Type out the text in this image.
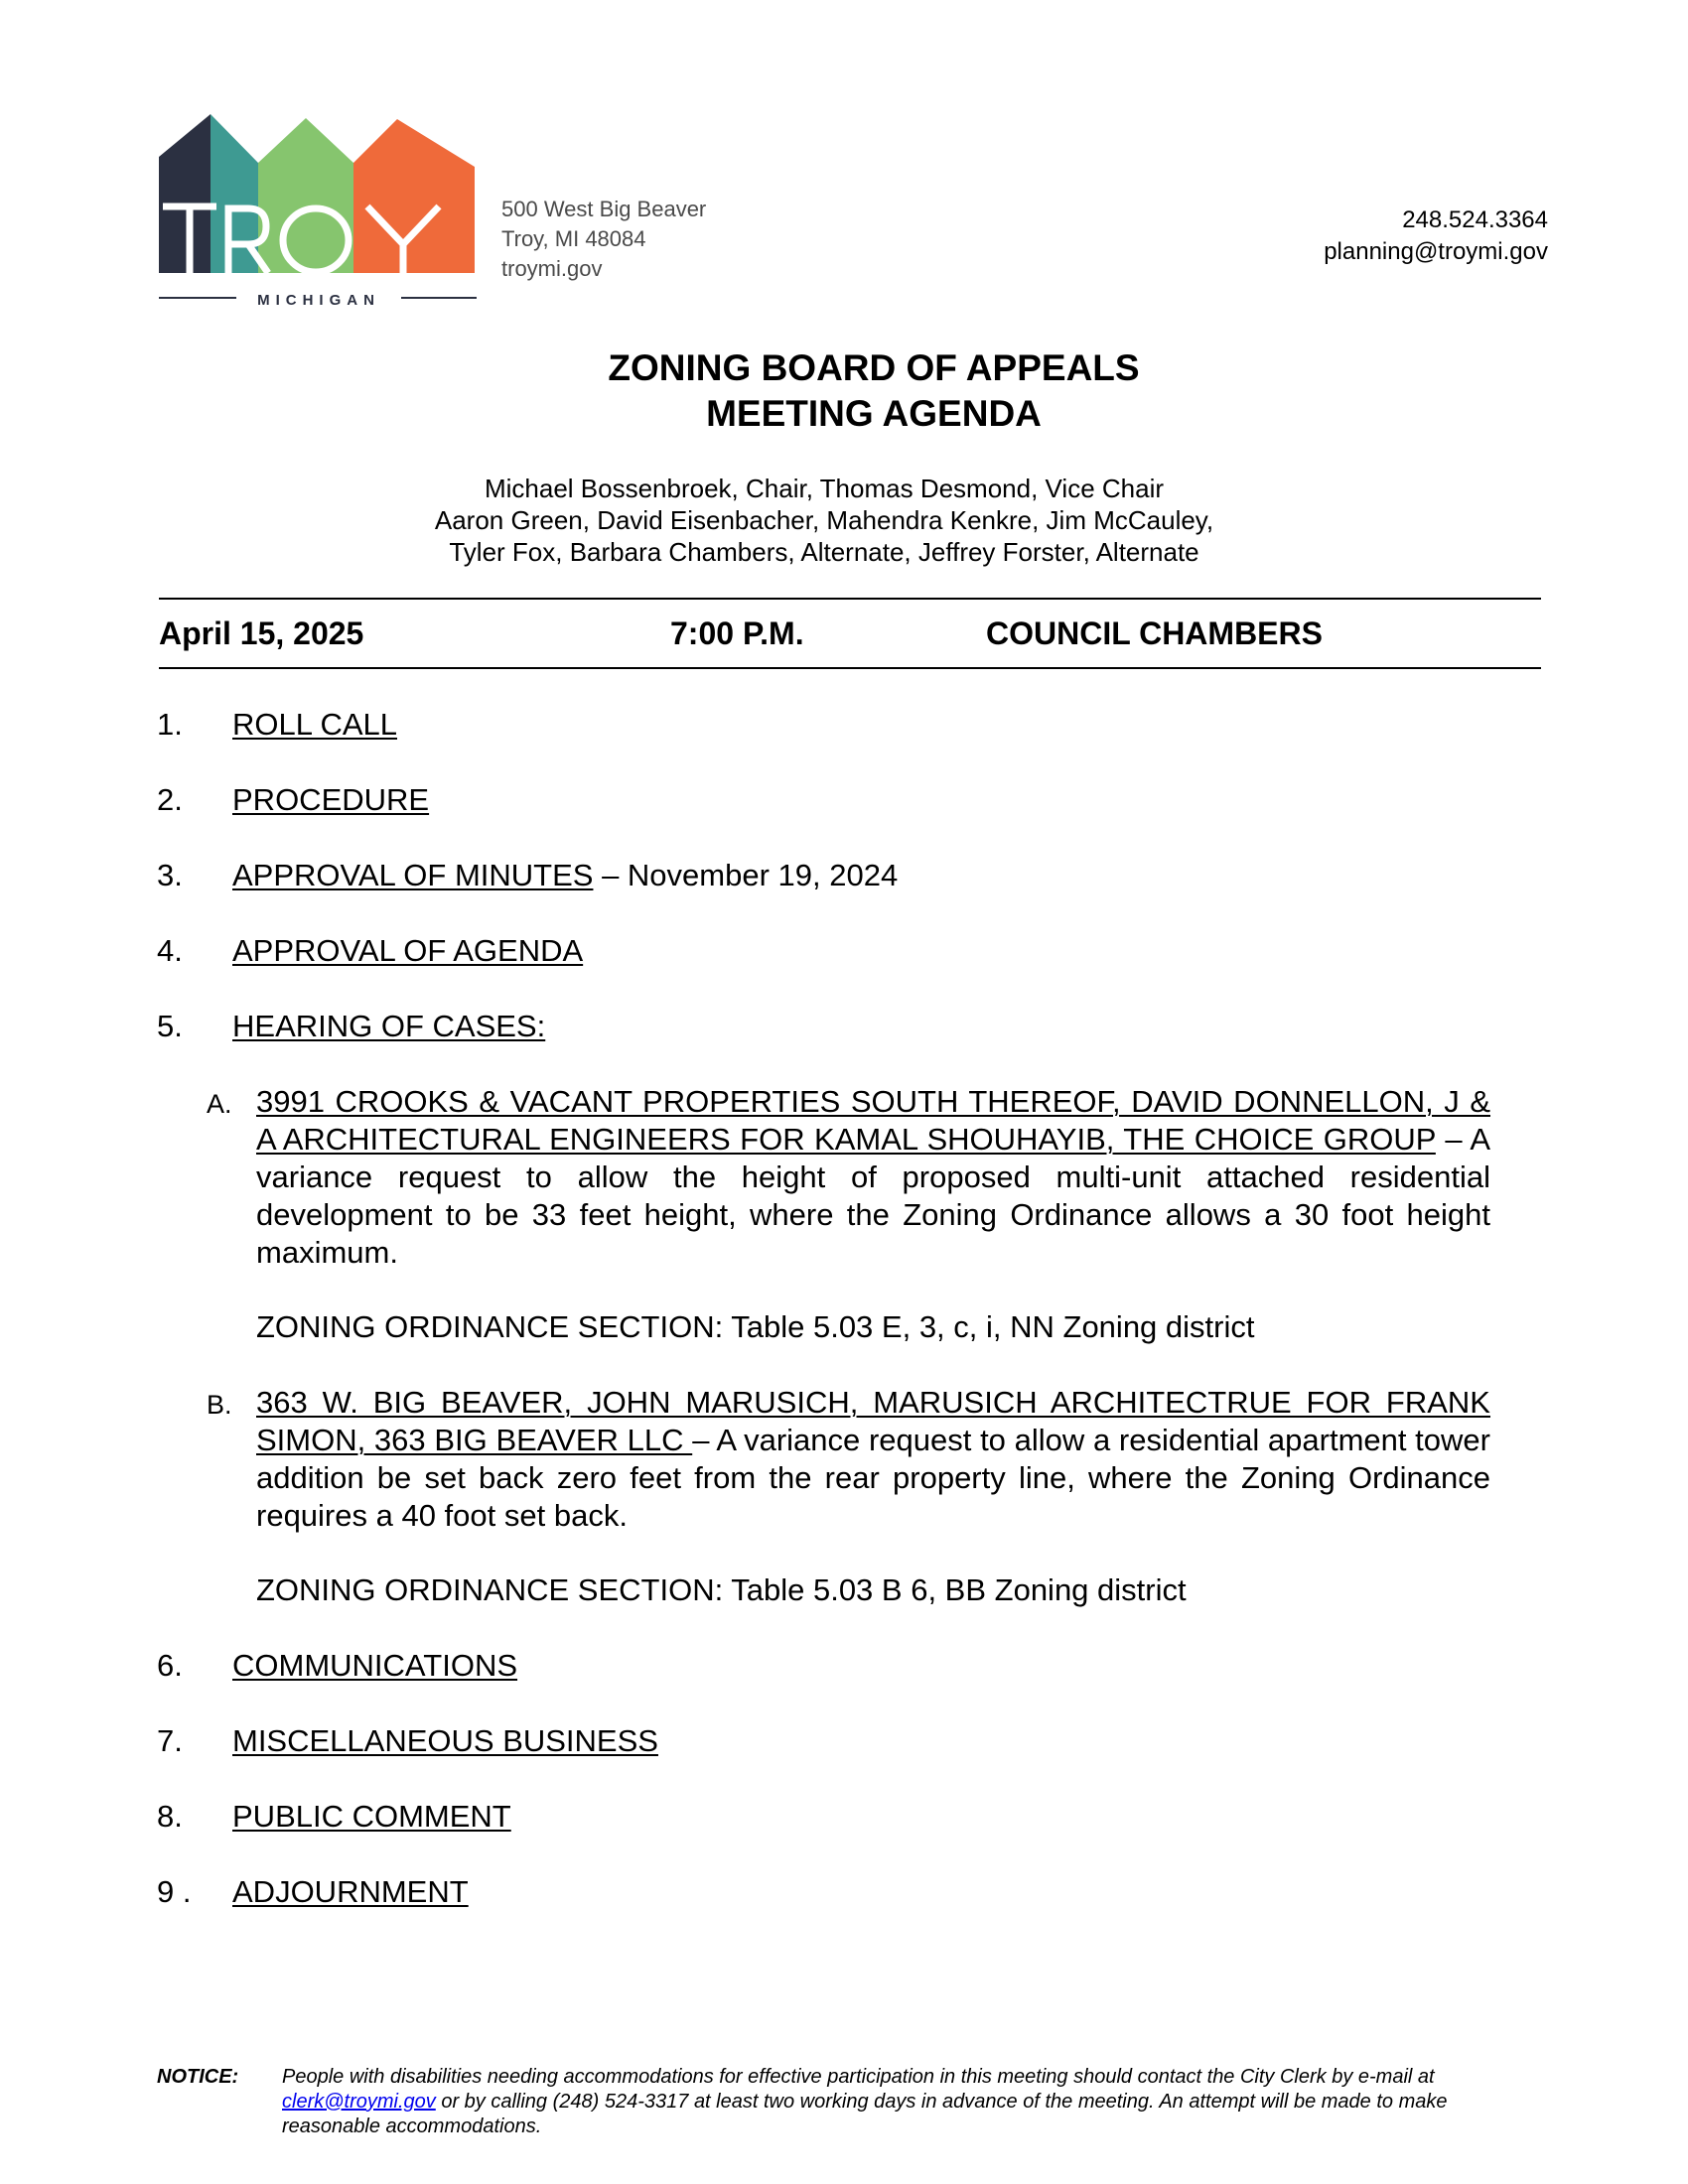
MICHIGAN
500 West Big Beaver
Troy, MI 48084
troymi.gov
248.524.3364
planning@troymi.gov
ZONING BOARD OF APPEALS
MEETING AGENDA
Michael Bossenbroek, Chair, Thomas Desmond, Vice Chair
Aaron Green, David Eisenbacher, Mahendra Kenkre, Jim McCauley,
Tyler Fox, Barbara Chambers, Alternate, Jeffrey Forster, Alternate
April 15, 2025	7:00 P.M.	COUNCIL CHAMBERS
1. ROLL CALL
2. PROCEDURE
3. APPROVAL OF MINUTES – November 19, 2024
4. APPROVAL OF AGENDA
5. HEARING OF CASES:
A. 3991 CROOKS & VACANT PROPERTIES SOUTH THEREOF, DAVID DONNELLON, J & A ARCHITECTURAL ENGINEERS FOR KAMAL SHOUHAYIB, THE CHOICE GROUP – A variance request to allow the height of proposed multi-unit attached residential development to be 33 feet height, where the Zoning Ordinance allows a 30 foot height maximum.
ZONING ORDINANCE SECTION: Table 5.03 E, 3, c, i, NN Zoning district
B. 363 W. BIG BEAVER, JOHN MARUSICH, MARUSICH ARCHITECTRUE FOR FRANK SIMON, 363 BIG BEAVER LLC – A variance request to allow a residential apartment tower addition be set back zero feet from the rear property line, where the Zoning Ordinance requires a 40 foot set back.
ZONING ORDINANCE SECTION: Table 5.03 B 6, BB Zoning district
6. COMMUNICATIONS
7. MISCELLANEOUS BUSINESS
8. PUBLIC COMMENT
9 . ADJOURNMENT
NOTICE: People with disabilities needing accommodations for effective participation in this meeting should contact the City Clerk by e-mail at clerk@troymi.gov or by calling (248) 524-3317 at least two working days in advance of the meeting. An attempt will be made to make reasonable accommodations.
